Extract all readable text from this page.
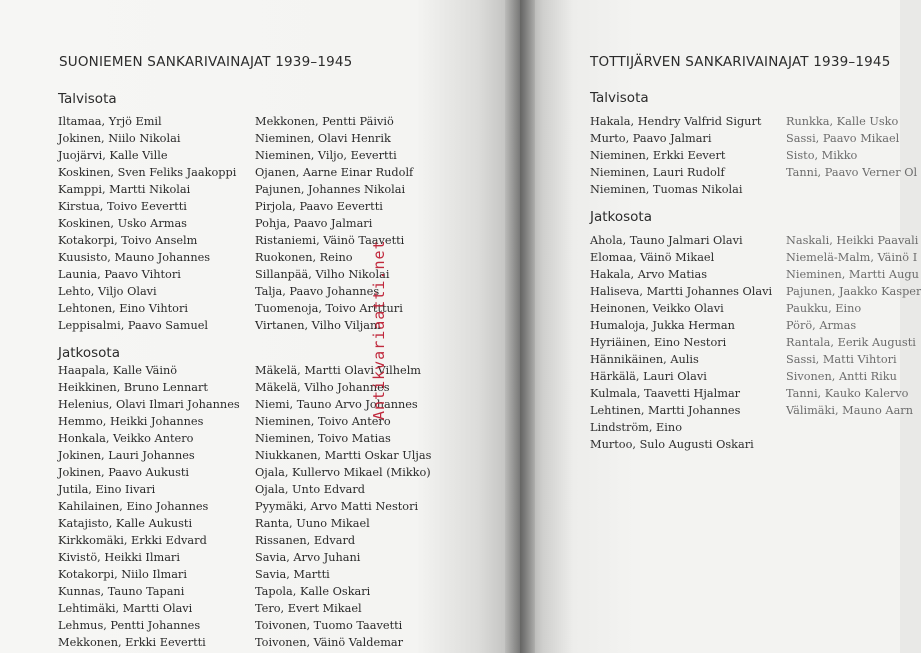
SUONIEMEN SANKARIVAINAJAT 1939–1945
Talvisota
Iltamaa, Yrjö Emil
Jokinen, Niilo Nikolai
Juojärvi, Kalle Ville
Koskinen, Sven Feliks Jaakoppi
Kamppi, Martti Nikolai
Kirstua, Toivo Eevertti
Koskinen, Usko Armas
Kotakorpi, Toivo Anselm
Kuusisto, Mauno Johannes
Launia, Paavo Vihtori
Lehto, Viljo Olavi
Lehtonen, Eino Vihtori
Leppisalmi, Paavo Samuel
Mekkonen, Pentti Päiviö
Nieminen, Olavi Henrik
Nieminen, Viljo, Eevertti
Ojanen, Aarne Einar Rudolf
Pajunen, Johannes Nikolai
Pirjola, Paavo Eevertti
Pohja, Paavo Jalmari
Ristaniemi, Väinö Taavetti
Ruokonen, Reino
Sillanpää, Vilho Nikolai
Talja, Paavo Johannes
Tuomenoja, Toivo Arttturi
Virtanen, Vilho Viljam
Jatkosota
Haapala, Kalle Väinö
Heikkinen, Bruno Lennart
Helenius, Olavi Ilmari Johannes
Hemmo, Heikki Johannes
Honkala, Veikko Antero
Jokinen, Lauri Johannes
Jokinen, Paavo Aukusti
Jutila, Eino Iivari
Kahilainen, Eino Johannes
Katajisto, Kalle Aukusti
Kirkkomäki, Erkki Edvard
Kivistö, Heikki Ilmari
Kotakorpi, Niilo Ilmari
Kunnas, Tauno Tapani
Lehtimäki, Martti Olavi
Lehmus, Pentti Johannes
Mekkonen, Erkki Eevertti
Mäkelä, Martti Olavi Vilhelm
Mäkelä, Vilho Johannes
Niemi, Tauno Arvo Johannes
Nieminen, Toivo Antero
Nieminen, Toivo Matias
Niukkanen, Martti Oskar Uljas
Ojala, Kullervo Mikael (Mikko)
Ojala, Unto Edvard
Pyymäki, Arvo Matti Nestori
Ranta, Uuno Mikael
Rissanen, Edvard
Savia, Arvo Juhani
Savia, Martti
Tapola, Kalle Oskari
Tero, Evert Mikael
Toivonen, Tuomo Taavetti
Toivonen, Väinö Valdemar
Antikvariaatti.net
TOTTIJÄRVEN SANKARIVAINAJAT 1939–1945
Talvisota
Hakala, Hendry Valfrid Sigurt
Murto, Paavo Jalmari
Nieminen, Erkki Eevert
Nieminen, Lauri Rudolf
Nieminen, Tuomas Nikolai
Runkka, Kalle Usko
Sassi, Paavo Mikael
Sisto, Mikko
Tanni, Paavo Verner Ol
Jatkosota
Ahola, Tauno Jalmari Olavi
Elomaa, Väinö Mikael
Hakala, Arvo Matias
Haliseva, Martti Johannes Olavi
Heinonen, Veikko Olavi
Humaloja, Jukka Herman
Hyriäinen, Eino Nestori
Hännikäinen, Aulis
Härkälä, Lauri Olavi
Kulmala, Taavetti Hjalmar
Lehtinen, Martti Johannes
Lindström, Eino
Murtoo, Sulo Augusti Oskari
Naskali, Heikki Paavali
Niemelä-Malm, Väinö I
Nieminen, Martti Augu
Pajunen, Jaakko Kasper
Paukku, Eino
Pörö, Armas
Rantala, Eerik Augusti
Sassi, Matti Vihtori
Sivonen, Antti Riku
Tanni, Kauko Kalervo
Välimäki, Mauno Aarn
